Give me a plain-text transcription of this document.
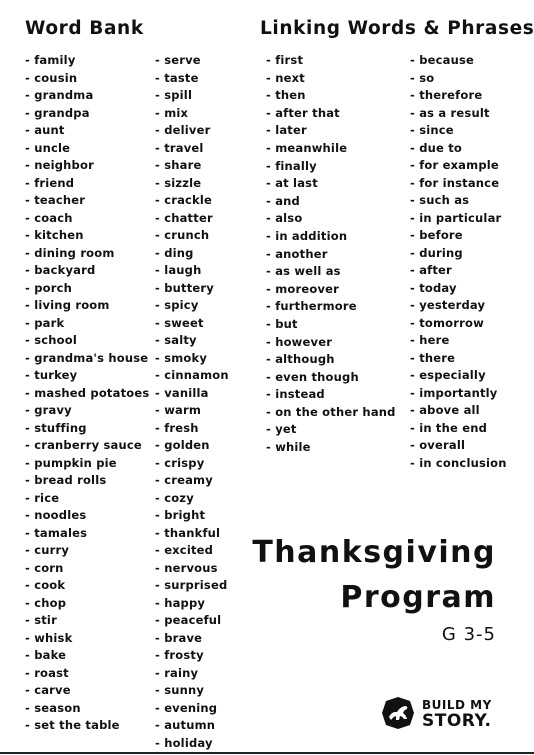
Word Bank	Linking Words & Phrases
- family
- cousin
- grandma
- grandpa
- aunt
- uncle
- neighbor
- friend
- teacher
- coach
- kitchen
- dining room
- backyard
- porch
- living room
- park
- school
- grandma's house
- turkey
- mashed potatoes
- gravy
- stuffing
- cranberry sauce
- pumpkin pie
- bread rolls
- rice
- noodles
- tamales
- curry
- corn
- cook
- chop
- stir
- whisk
- bake
- roast
- carve
- season
- set the table
- serve
- taste
- spill
- mix
- deliver
- travel
- share
- sizzle
- crackle
- chatter
- crunch
- ding
- laugh
- buttery
- spicy
- sweet
- salty
- smoky
- cinnamon
- vanilla
- warm
- fresh
- golden
- crispy
- creamy
- cozy
- bright
- thankful
- excited
- nervous
- surprised
- happy
- peaceful
- brave
- frosty
- rainy
- sunny
- evening
- autumn
- holiday
- first
- next
- then
- after that
- later
- meanwhile
- finally
- at last
- and
- also
- in addition
- another
- as well as
- moreover
- furthermore
- but
- however
- although
- even though
- instead
- on the other hand
- yet
- while
- because
- so
- therefore
- as a result
- since
- due to
- for example
- for instance
- such as
- in particular
- before
- during
- after
- today
- yesterday
- tomorrow
- here
- there
- especially
- importantly
- above all
- in the end
- overall
- in conclusion
Thanksgiving
Program
G 3-5
BUILD MY
STORY.
